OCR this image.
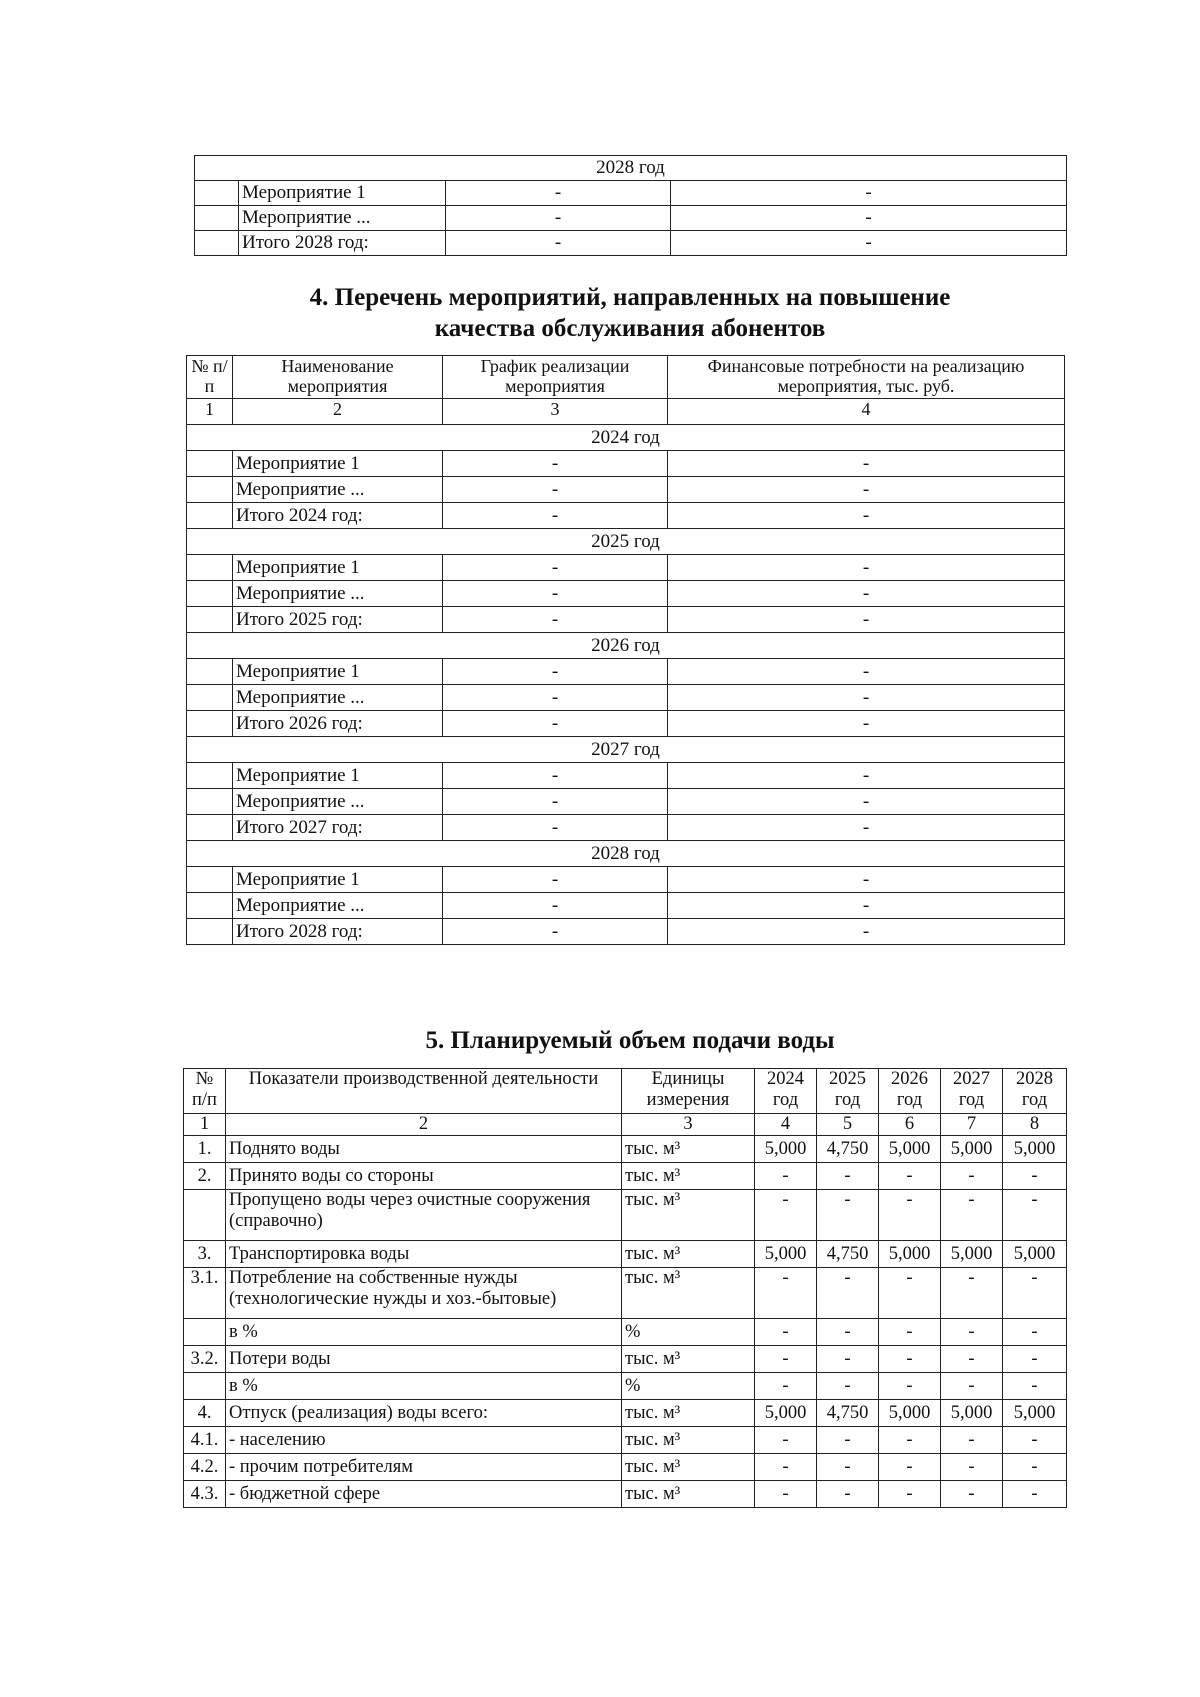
2028 год			
	Мероприятие 1	-	-
	Мероприятие ...	-	-
	Итого 2028 год:	-	-
4. Перечень мероприятий, направленных на повышение
качества обслуживания абонентов
№ п/п	Наименование мероприятия	График реализации мероприятия	Финансовые потребности на реализацию мероприятия, тыс. руб.
1	2	3	4
2024 год			
	Мероприятие 1	-	-
	Мероприятие ...	-	-
	Итого 2024 год:	-	-
2025 год			
	Мероприятие 1	-	-
	Мероприятие ...	-	-
	Итого 2025 год:	-	-
2026 год			
	Мероприятие 1	-	-
	Мероприятие ...	-	-
	Итого 2026 год:	-	-
2027 год			
	Мероприятие 1	-	-
	Мероприятие ...	-	-
	Итого 2027 год:	-	-
2028 год			
	Мероприятие 1	-	-
	Мероприятие ...	-	-
	Итого 2028 год:	-	-
5. Планируемый объем подачи воды
№ п/п	Показатели производственной деятельности	Единицы измерения	2024 год	2025 год	2026 год	2027 год	2028 год
1	2	3	4	5	6	7	8
1.	Поднято воды	тыс. м³	5,000	4,750	5,000	5,000	5,000
2.	Принято воды со стороны	тыс. м³	-	-	-	-	-
	Пропущено воды через очистные сооружения (справочно)	тыс. м³	-	-	-	-	-
3.	Транспортировка воды	тыс. м³	5,000	4,750	5,000	5,000	5,000
3.1.	Потребление на собственные нужды (технологические нужды и хоз.-бытовые)	тыс. м³	-	-	-	-	-
	в %	%	-	-	-	-	-
3.2.	Потери воды	тыс. м³	-	-	-	-	-
	в %	%	-	-	-	-	-
4.	Отпуск (реализация) воды всего:	тыс. м³	5,000	4,750	5,000	5,000	5,000
4.1.	- населению	тыс. м³	-	-	-	-	-
4.2.	- прочим потребителям	тыс. м³	-	-	-	-	-
4.3.	- бюджетной сфере	тыс. м³	-	-	-	-	-
